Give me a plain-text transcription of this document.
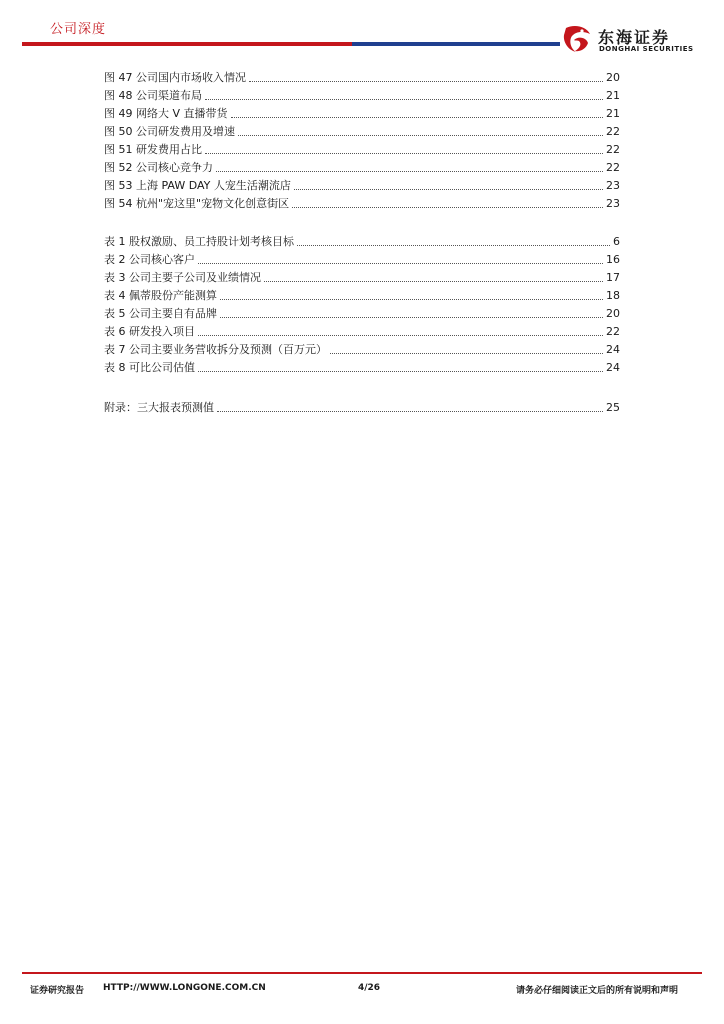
公司深度	东海证券
DONGHAI SECURITIES
图 47 公司国内市场收入情况	20
图 48 公司渠道布局	21
图 49 网络大 V 直播带货	21
图 50 公司研发费用及增速	22
图 51 研发费用占比	22
图 52 公司核心竞争力	22
图 53 上海 PAW DAY 人宠生活潮流店	23
图 54 杭州"宠这里"宠物文化创意街区	23
表 1 股权激励、员工持股计划考核目标	6
表 2 公司核心客户	16
表 3 公司主要子公司及业绩情况	17
表 4 佩蒂股份产能测算	18
表 5 公司主要自有品牌	20
表 6 研发投入项目	22
表 7 公司主要业务营收拆分及预测（百万元）	24
表 8 可比公司估值	24
附录：三大报表预测值	25
证券研究报告 HTTP://WWW.LONGONE.COM.CN	4/26	请务必仔细阅读正文后的所有说明和声明
